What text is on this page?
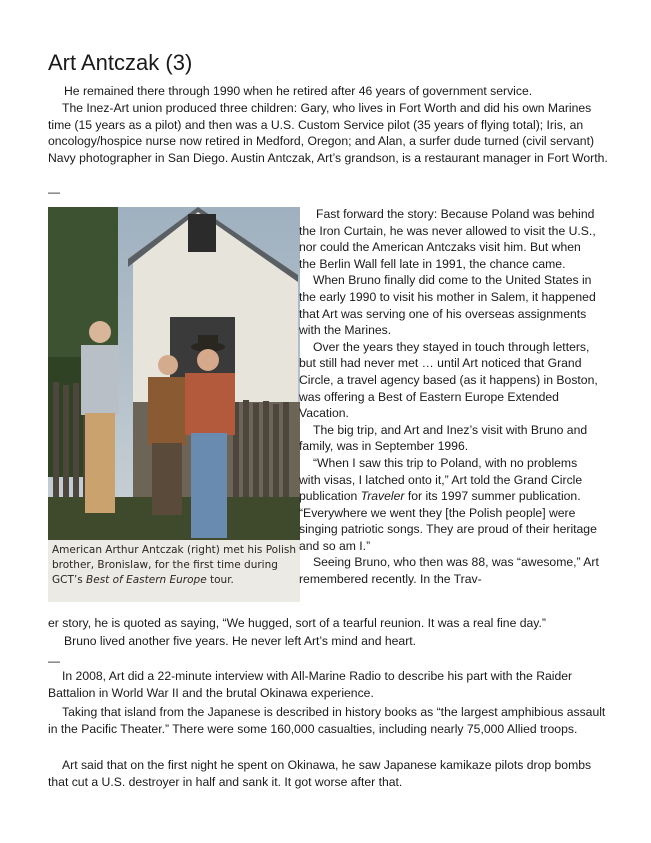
Art Antczak (3)

He remained there through 1990 when he retired after 46 years of government service.

The Inez-Art union produced three children: Gary, who lives in Fort Worth and did his own Marines time (15 years as a pilot) and then was a U.S. Custom Service pilot (35 years of flying total); Iris, an oncology/hospice nurse now retired in Medford, Oregon; and Alan, a surfer dude turned (civil servant) Navy photographer in San Diego. Austin Antczak, Art’s grandson, is a restaurant manager in Fort Worth.

—
American Arthur Antczak (right) met his Polish brother, Bronislaw, for the first time during GCT’s Best of Eastern Europe tour.

Fast forward the story: Because Poland was behind the Iron Curtain, he was never allowed to visit the U.S., nor could the American Antczaks visit him. But when the Berlin Wall fell late in 1991, the chance came.

When Bruno finally did come to the United States in the early 1990 to visit his mother in Salem, it happened that Art was serving one of his overseas assignments with the Marines.

Over the years they stayed in touch through letters, but still had never met … until Art noticed that Grand Circle, a travel agency based (as it happens) in Boston, was offering a Best of Eastern Europe Extended Vacation.

The big trip, and Art and Inez’s visit with Bruno and family, was in September 1996.

“When I saw this trip to Poland, with no problems with visas, I latched onto it,” Art told the Grand Circle publication Traveler for its 1997 summer publication. “Everywhere we went they [the Polish people] were singing patriotic songs. They are proud of their heritage and so am I.”

Seeing Bruno, who then was 88, was “awesome,” Art remembered recently. In the Trav-

er story, he is quoted as saying, “We hugged, sort of a tearful reunion. It was a real fine day.”

Bruno lived another five years. He never left Art’s mind and heart.

—

In 2008, Art did a 22-minute interview with All-Marine Radio to describe his part with the Raider Battalion in World War II and the brutal Okinawa experience.

Taking that island from the Japanese is described in history books as “the largest amphibious assault in the Pacific Theater.” There were some 160,000 casualties, including nearly 75,000 Allied troops.

Art said that on the first night he spent on Okinawa, he saw Japanese kamikaze pilots drop bombs that cut a U.S. destroyer in half and sank it. It got worse after that.
